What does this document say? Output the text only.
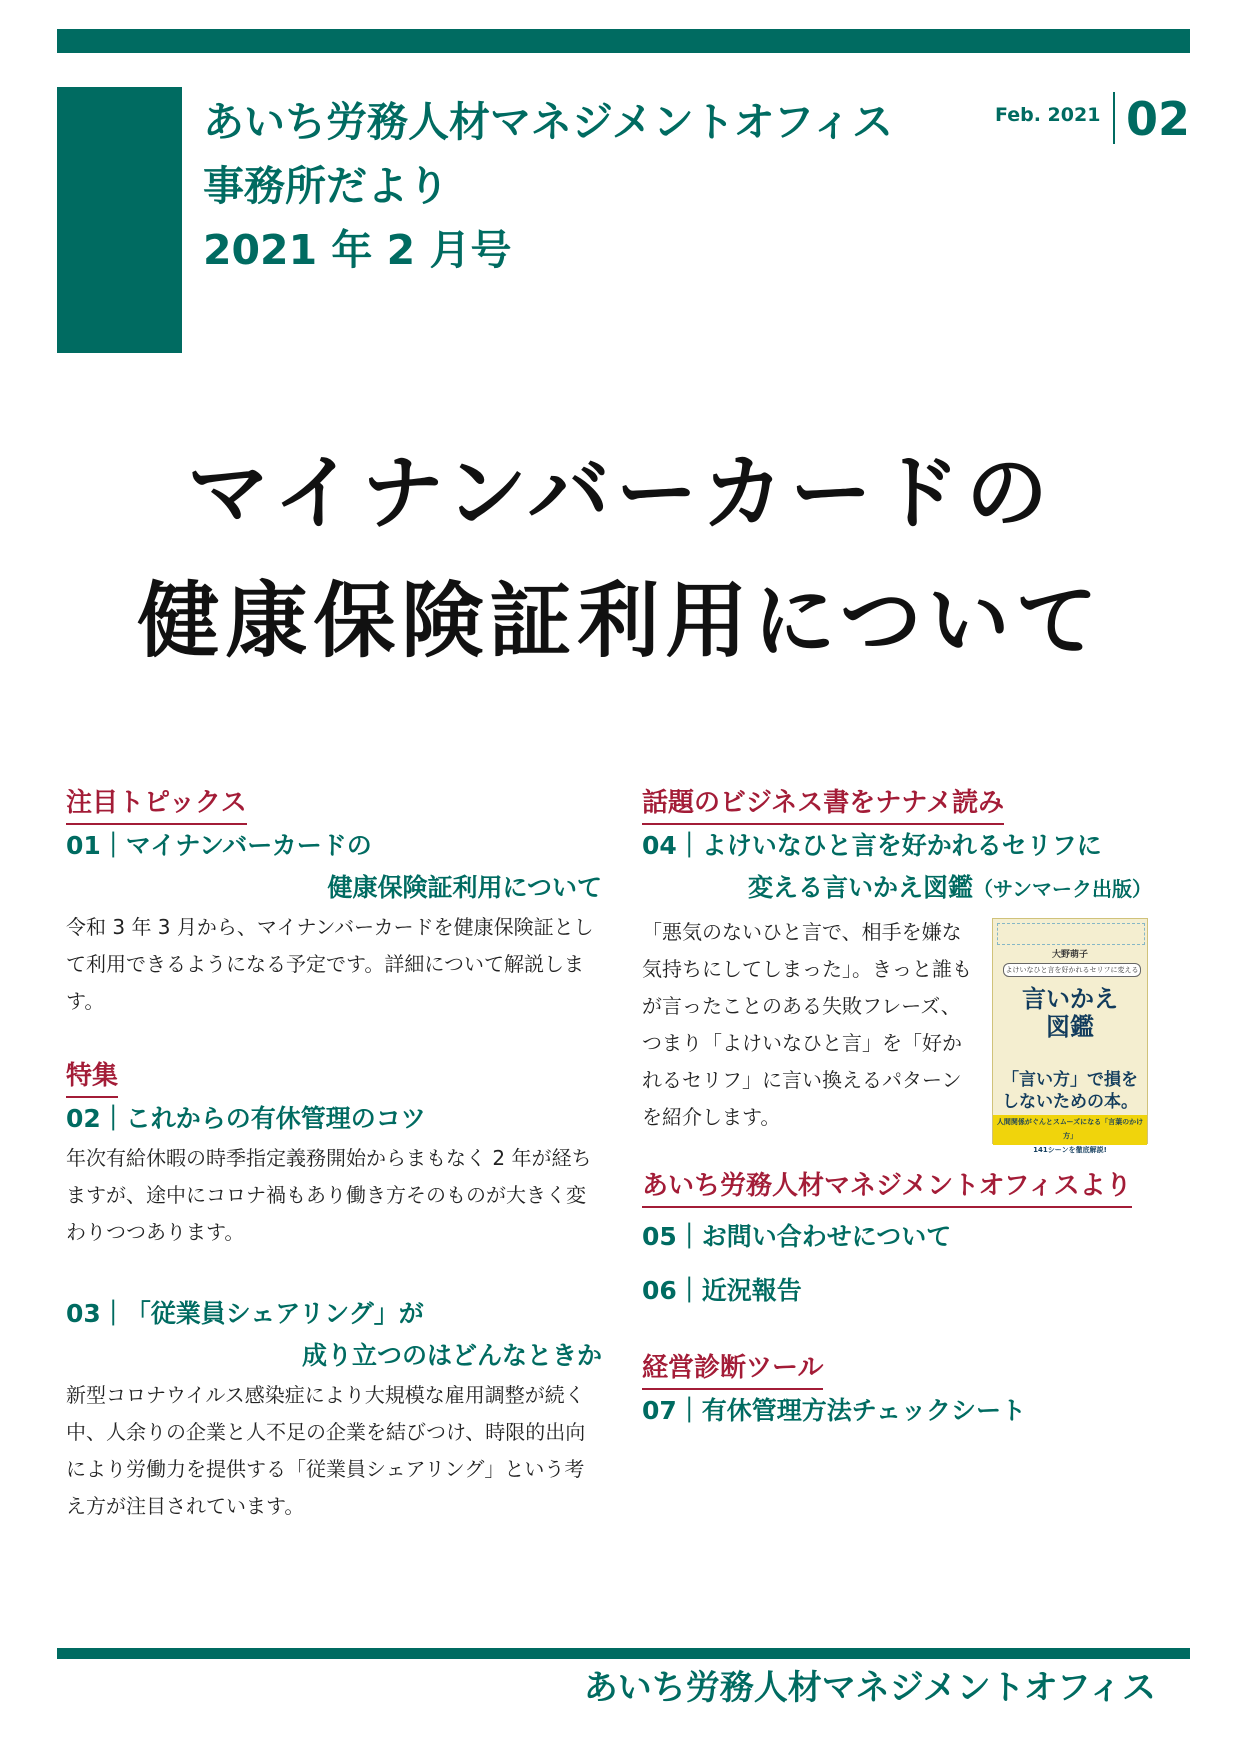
あいち労務人材マネジメントオフィス
事務所だより
2021 年 2 月号
Feb. 2021 02
マイナンバーカードの
健康保険証利用について
注目トピックス
01｜マイナンバーカードの
健康保険証利用について

令和 3 年 3 月から、マイナンバーカードを健康保険証として利用できるようになる予定です。詳細について解説します。

特集
02｜これからの有休管理のコツ

年次有給休暇の時季指定義務開始からまもなく 2 年が経ちますが、途中にコロナ禍もあり働き方そのものが大きく変わりつつあります。

03｜「従業員シェアリング」が
成り立つのはどんなときか

新型コロナウイルス感染症により大規模な雇用調整が続く中、人余りの企業と人不足の企業を結びつけ、時限的出向により労働力を提供する「従業員シェアリング」という考え方が注目されています。

話題のビジネス書をナナメ読み
04｜よけいなひと言を好かれるセリフに
変える言いかえ図鑑（サンマーク出版）

「悪気のないひと言で、相手を嫌な気持ちにしてしまった」。きっと誰もが言ったことのある失敗フレーズ、つまり「よけいなひと言」を「好かれるセリフ」に言い換えるパターンを紹介します。

大野萌子
よけいなひと言を好かれるセリフに変える
言いかえ
図鑑
「言い方」で損を
しないための本。
人間関係がぐんとスムーズになる「言葉のかけ方」
141シーンを徹底解説!
あいち労務人材マネジメントオフィスより
05｜お問い合わせについて
06｜近況報告
経営診断ツール
07｜有休管理方法チェックシート
あいち労務人材マネジメントオフィス
